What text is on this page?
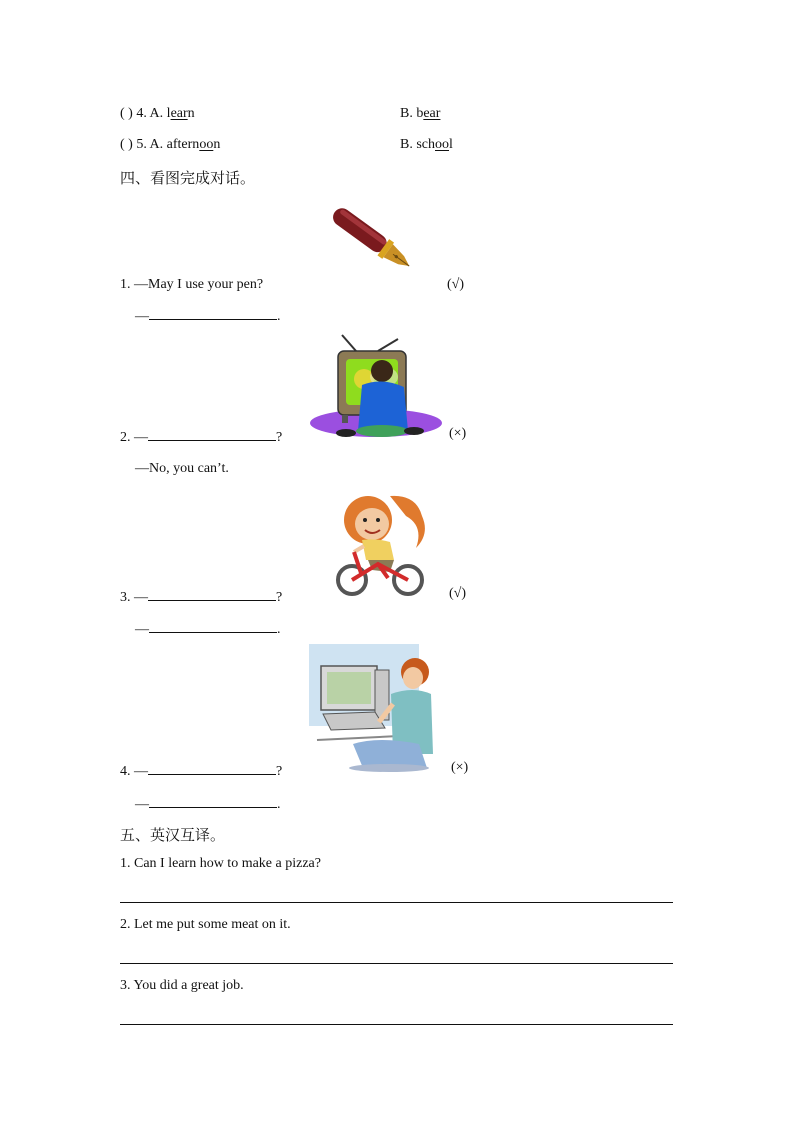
( ) 4. A. learn	B. bear
( ) 5. A. afternoon	B. school
四、看图完成对话。
1. —May I use your pen?	(√)
—	.
2. —	?	(×)
—No, you can’t.
3. —	?	(√)
—	.
4. —	?	(×)
—	.
五、英汉互译。
1. Can I learn how to make a pizza?
2. Let me put some meat on it.
3. You did a great job.
